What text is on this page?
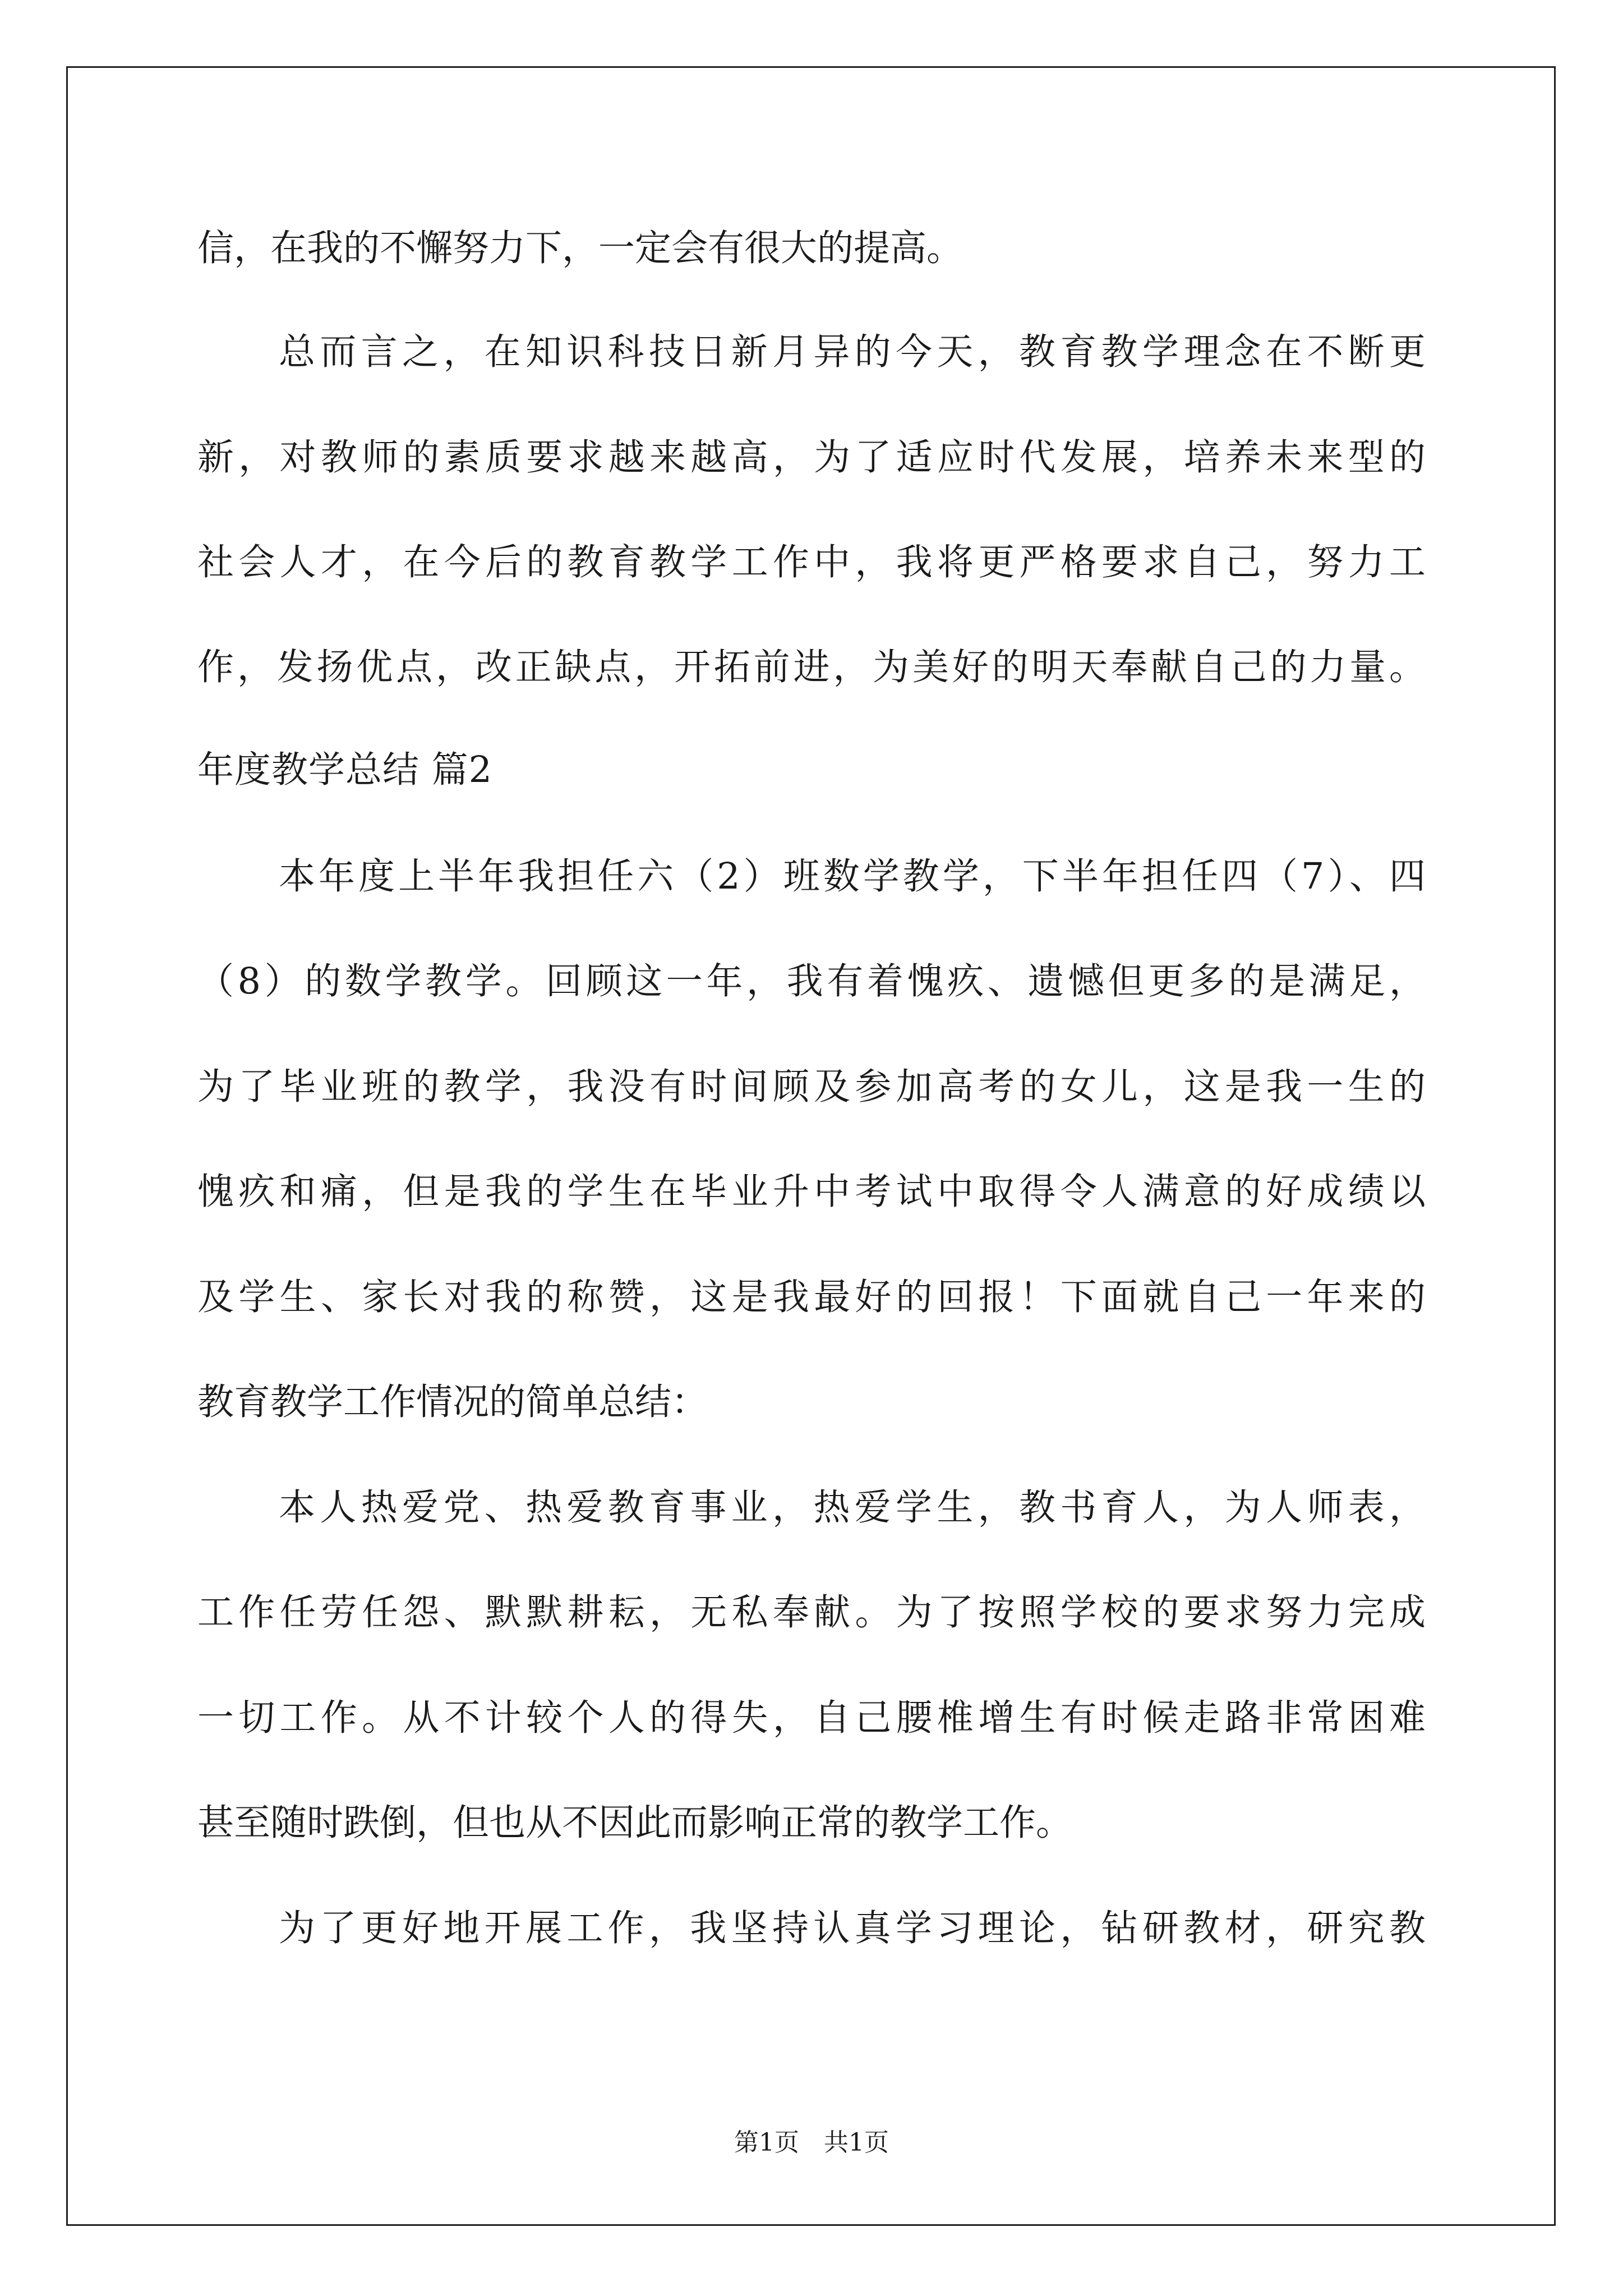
信，在我的不懈努力下，一定会有很大的提高。
总而言之，在知识科技日新月异的今天，教育教学理念在不断更
新，对教师的素质要求越来越高，为了适应时代发展，培养未来型的
社会人才，在今后的教育教学工作中，我将更严格要求自己，努力工
作，发扬优点，改正缺点，开拓前进，为美好的明天奉献自己的力量。
年度教学总结 篇2
本年度上半年我担任六（2）班数学教学，下半年担任四（7）、四
（8）的数学教学。回顾这一年，我有着愧疚、遗憾但更多的是满足，
为了毕业班的教学，我没有时间顾及参加高考的女儿，这是我一生的
愧疚和痛，但是我的学生在毕业升中考试中取得令人满意的好成绩以
及学生、家长对我的称赞，这是我最好的回报！下面就自己一年来的
教育教学工作情况的简单总结：
本人热爱党、热爱教育事业，热爱学生，教书育人，为人师表，
工作任劳任怨、默默耕耘，无私奉献。为了按照学校的要求努力完成
一切工作。从不计较个人的得失，自己腰椎增生有时候走路非常困难
甚至随时跌倒，但也从不因此而影响正常的教学工作。
为了更好地开展工作，我坚持认真学习理论，钻研教材，研究教
第1页　共1页
